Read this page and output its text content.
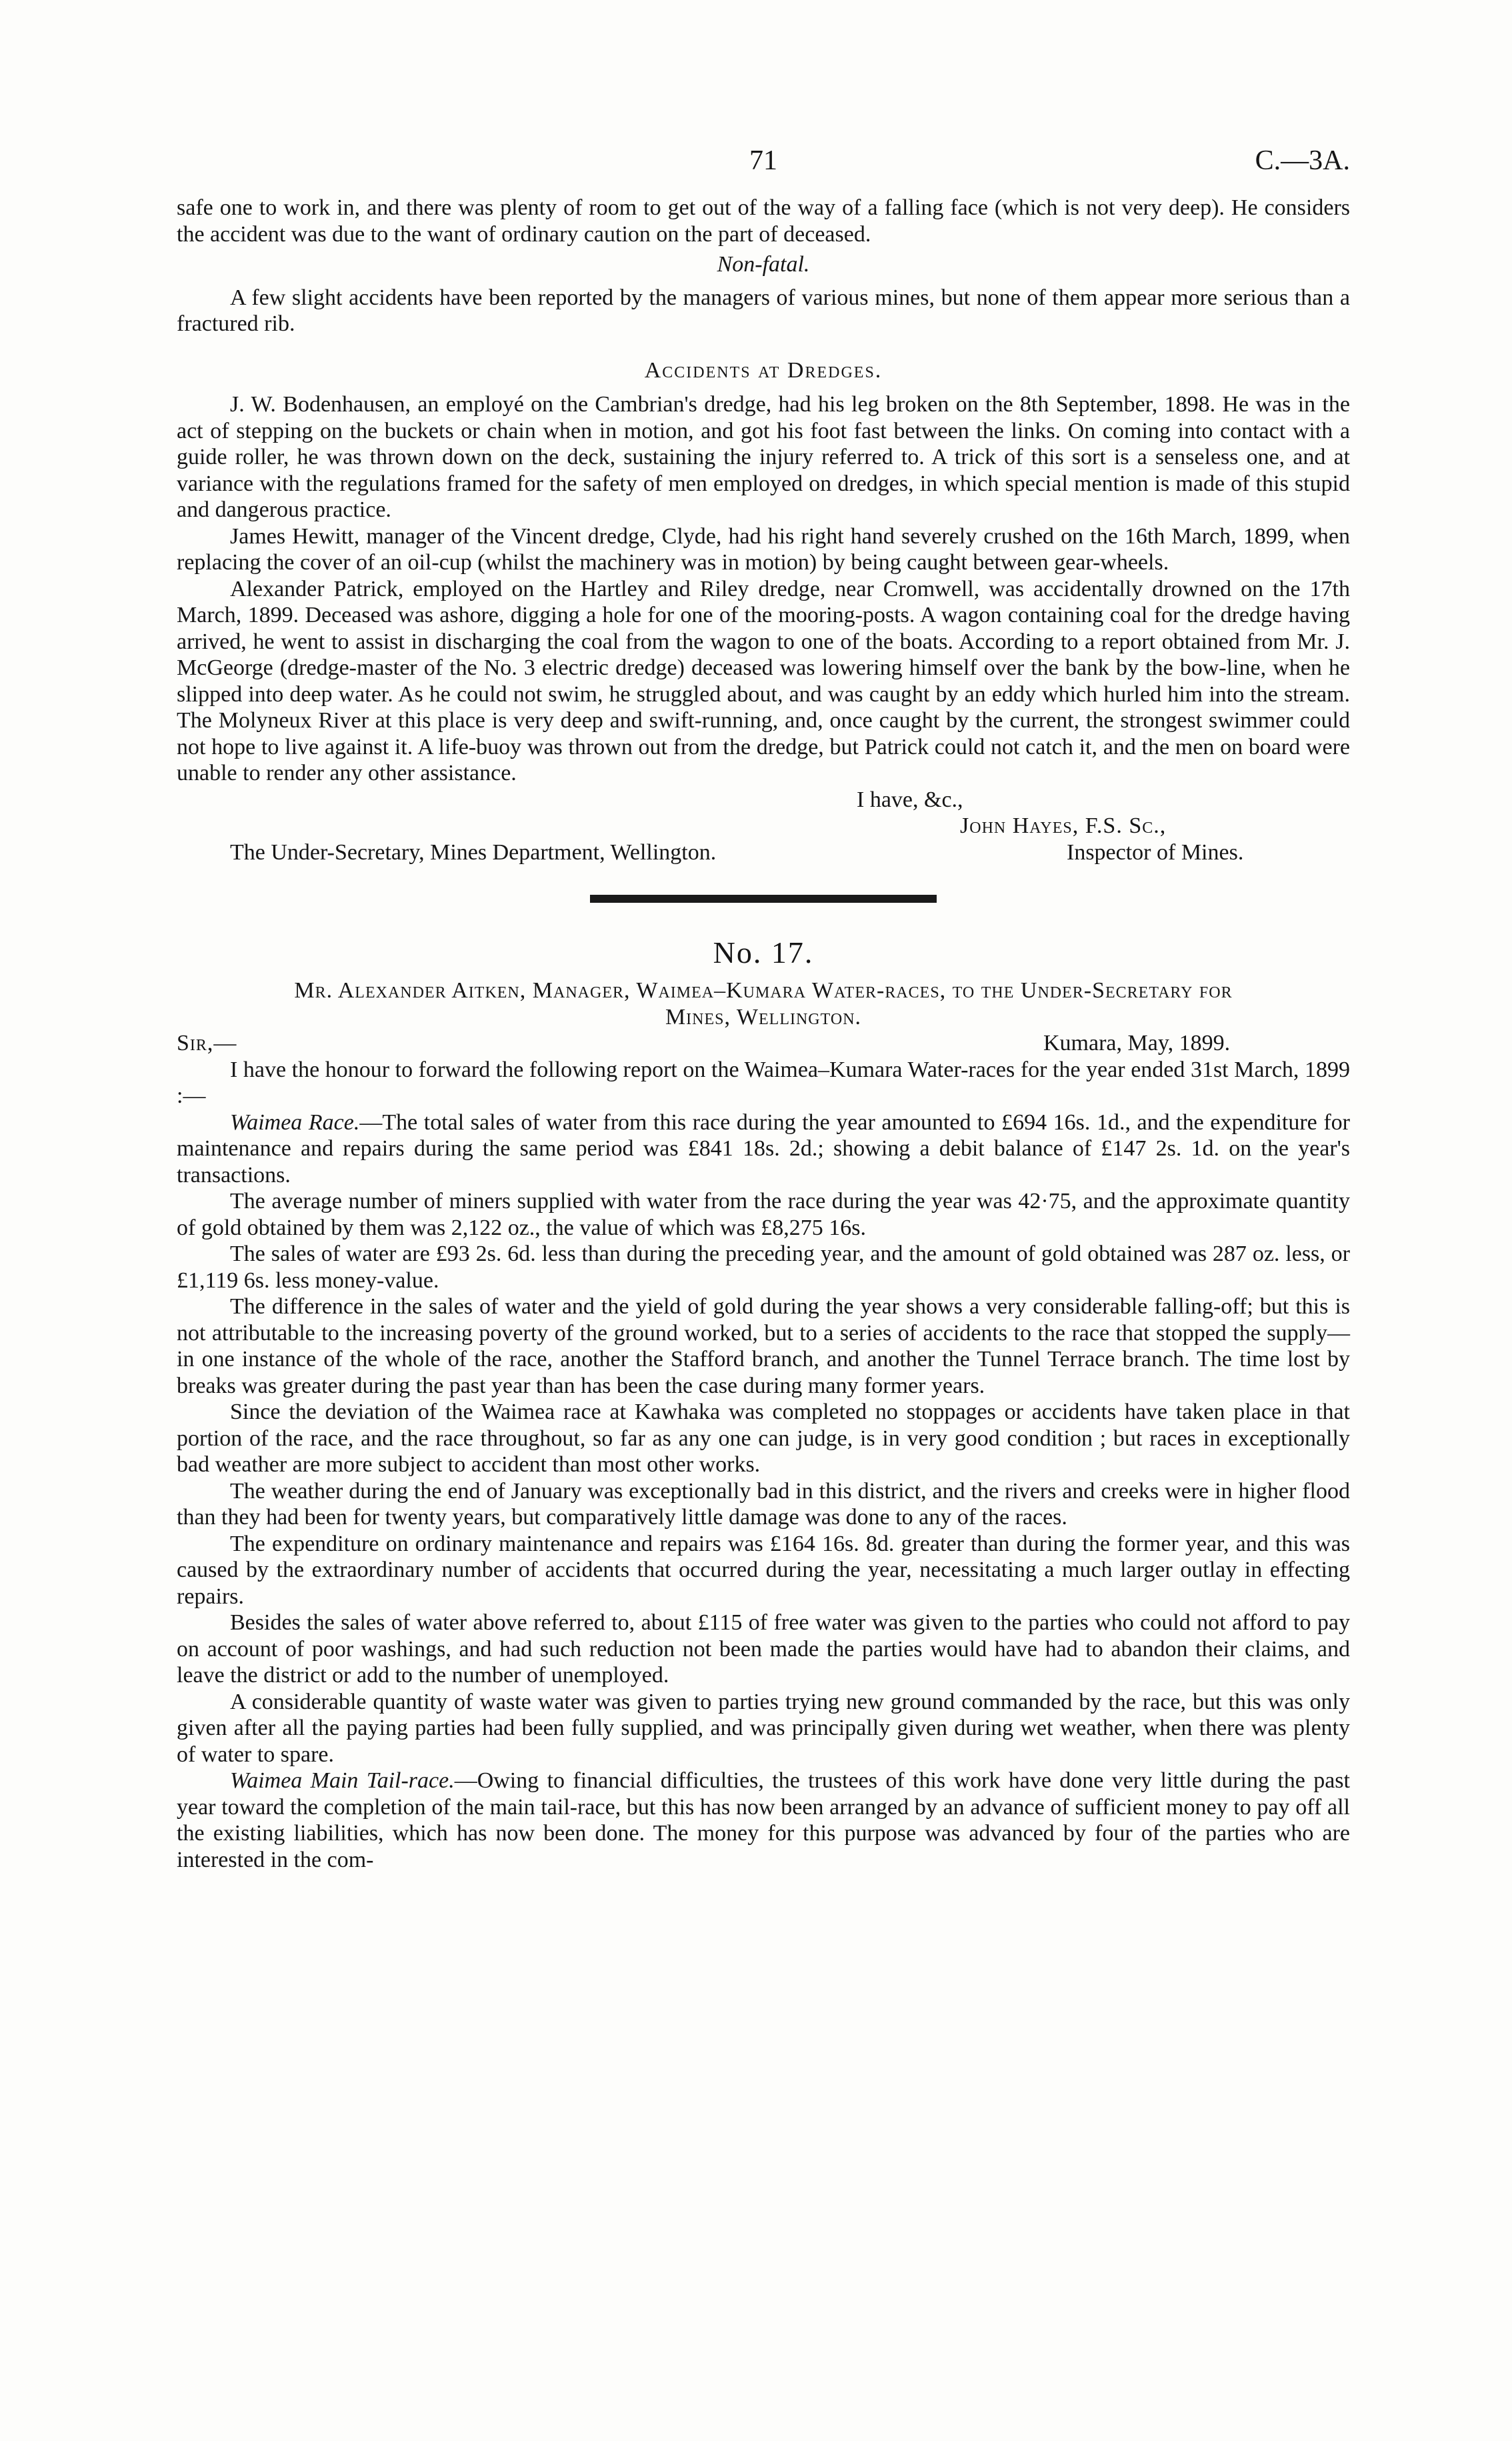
71	C.—3A.

safe one to work in, and there was plenty of room to get out of the way of a falling face (which is not very deep). He considers the accident was due to the want of ordinary caution on the part of deceased.

Non-fatal.

A few slight accidents have been reported by the managers of various mines, but none of them appear more serious than a fractured rib.

Accidents at Dredges.

J. W. Bodenhausen, an employé on the Cambrian's dredge, had his leg broken on the 8th September, 1898. He was in the act of stepping on the buckets or chain when in motion, and got his foot fast between the links. On coming into contact with a guide roller, he was thrown down on the deck, sustaining the injury referred to. A trick of this sort is a senseless one, and at variance with the regulations framed for the safety of men employed on dredges, in which special mention is made of this stupid and dangerous practice.

James Hewitt, manager of the Vincent dredge, Clyde, had his right hand severely crushed on the 16th March, 1899, when replacing the cover of an oil-cup (whilst the machinery was in motion) by being caught between gear-wheels.

Alexander Patrick, employed on the Hartley and Riley dredge, near Cromwell, was accidentally drowned on the 17th March, 1899. Deceased was ashore, digging a hole for one of the mooring-posts. A wagon containing coal for the dredge having arrived, he went to assist in discharging the coal from the wagon to one of the boats. According to a report obtained from Mr. J. McGeorge (dredge-master of the No. 3 electric dredge) deceased was lowering himself over the bank by the bow-line, when he slipped into deep water. As he could not swim, he struggled about, and was caught by an eddy which hurled him into the stream. The Molyneux River at this place is very deep and swift-running, and, once caught by the current, the strongest swimmer could not hope to live against it. A life-buoy was thrown out from the dredge, but Patrick could not catch it, and the men on board were unable to render any other assistance.

I have, &c.,
John Hayes, F.S. Sc.,
The Under-Secretary, Mines Department, Wellington.	Inspector of Mines.
No. 17.

Mr. Alexander Aitken, Manager, Waimea–Kumara Water-races, to the Under-Secretary for

Mines, Wellington.

Sir,—	Kumara, May, 1899.

I have the honour to forward the following report on the Waimea–Kumara Water-races for the year ended 31st March, 1899 :—

Waimea Race.—The total sales of water from this race during the year amounted to £694 16s. 1d., and the expenditure for maintenance and repairs during the same period was £841 18s. 2d.; showing a debit balance of £147 2s. 1d. on the year's transactions.

The average number of miners supplied with water from the race during the year was 42·75, and the approximate quantity of gold obtained by them was 2,122 oz., the value of which was £8,275 16s.

The sales of water are £93 2s. 6d. less than during the preceding year, and the amount of gold obtained was 287 oz. less, or £1,119 6s. less money-value.

The difference in the sales of water and the yield of gold during the year shows a very considerable falling-off; but this is not attributable to the increasing poverty of the ground worked, but to a series of accidents to the race that stopped the supply—in one instance of the whole of the race, another the Stafford branch, and another the Tunnel Terrace branch. The time lost by breaks was greater during the past year than has been the case during many former years.

Since the deviation of the Waimea race at Kawhaka was completed no stoppages or accidents have taken place in that portion of the race, and the race throughout, so far as any one can judge, is in very good condition ; but races in exceptionally bad weather are more subject to accident than most other works.

The weather during the end of January was exceptionally bad in this district, and the rivers and creeks were in higher flood than they had been for twenty years, but comparatively little damage was done to any of the races.

The expenditure on ordinary maintenance and repairs was £164 16s. 8d. greater than during the former year, and this was caused by the extraordinary number of accidents that occurred during the year, necessitating a much larger outlay in effecting repairs.

Besides the sales of water above referred to, about £115 of free water was given to the parties who could not afford to pay on account of poor washings, and had such reduction not been made the parties would have had to abandon their claims, and leave the district or add to the number of unemployed.

A considerable quantity of waste water was given to parties trying new ground commanded by the race, but this was only given after all the paying parties had been fully supplied, and was principally given during wet weather, when there was plenty of water to spare.

Waimea Main Tail-race.—Owing to financial difficulties, the trustees of this work have done very little during the past year toward the completion of the main tail-race, but this has now been arranged by an advance of sufficient money to pay off all the existing liabilities, which has now been done. The money for this purpose was advanced by four of the parties who are interested in the com-
